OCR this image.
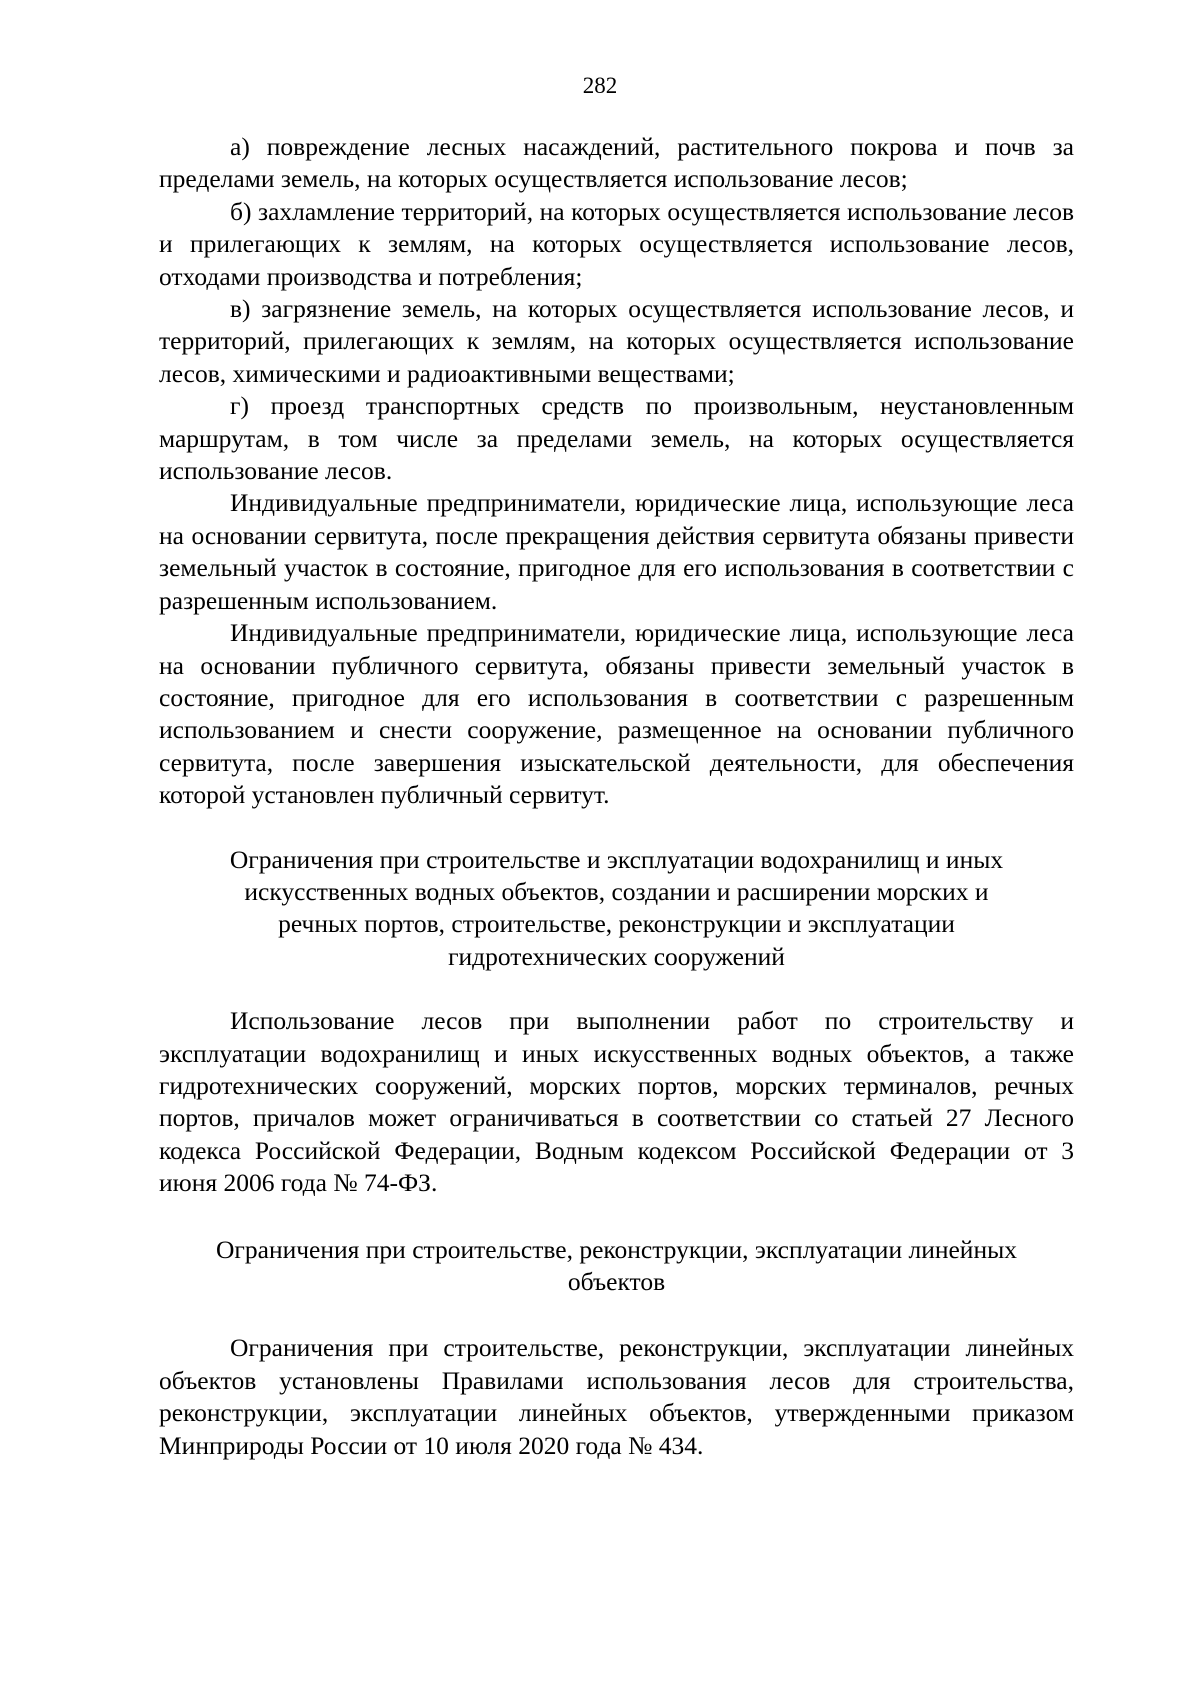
282

а) повреждение лесных насаждений, растительного покрова и почв за пределами земель, на которых осуществляется использование лесов;

б) захламление территорий, на которых осуществляется использование лесов и прилегающих к землям, на которых осуществляется использование лесов, отходами производства и потребления;

в) загрязнение земель, на которых осуществляется использование лесов, и территорий, прилегающих к землям, на которых осуществляется использование лесов, химическими и радиоактивными веществами;

г) проезд транспортных средств по произвольным, неустановленным маршрутам, в том числе за пределами земель, на которых осуществляется использование лесов.

Индивидуальные предприниматели, юридические лица, использующие леса на основании сервитута, после прекращения действия сервитута обязаны привести земельный участок в состояние, пригодное для его использования в соответствии с разрешенным использованием.

Индивидуальные предприниматели, юридические лица, использующие леса на основании публичного сервитута, обязаны привести земельный участок в состояние, пригодное для его использования в соответствии с разрешенным использованием и снести сооружение, размещенное на основании публичного сервитута, после завершения изыскательской деятельности, для обеспечения которой установлен публичный сервитут.

Ограничения при строительстве и эксплуатации водохранилищ и иных
искусственных водных объектов, создании и расширении морских и
речных портов, строительстве, реконструкции и эксплуатации
гидротехнических сооружений

Использование лесов при выполнении работ по строительству и эксплуатации водохранилищ и иных искусственных водных объектов, а также гидротехнических сооружений, морских портов, морских терминалов, речных портов, причалов может ограничиваться в соответствии со статьей 27 Лесного кодекса Российской Федерации, Водным кодексом Российской Федерации от 3 июня 2006 года № 74-ФЗ.

Ограничения при строительстве, реконструкции, эксплуатации линейных
объектов

Ограничения при строительстве, реконструкции, эксплуатации линейных объектов установлены Правилами использования лесов для строительства, реконструкции, эксплуатации линейных объектов, утвержденными приказом Минприроды России от 10 июля 2020 года № 434.
